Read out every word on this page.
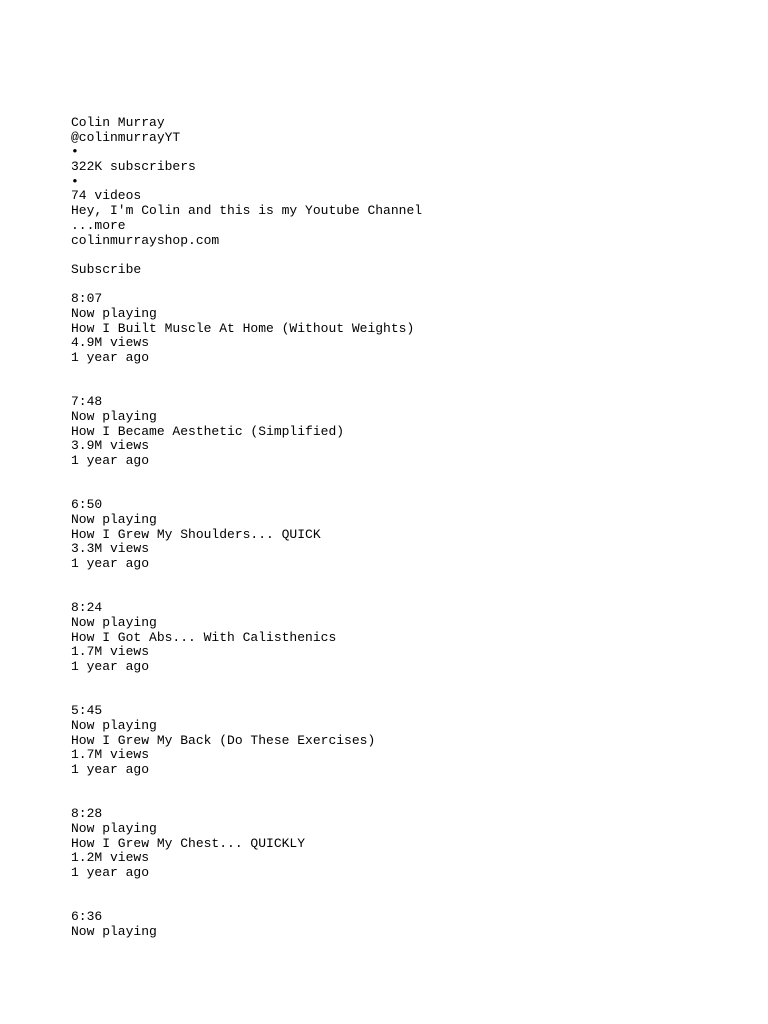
Colin Murray
@colinmurrayYT
•
322K subscribers
•
74 videos
Hey, I'm Colin and this is my Youtube Channel
...more
colinmurrayshop.com
Subscribe
8:07
Now playing
How I Built Muscle At Home (Without Weights)
4.9M views
1 year ago
7:48
Now playing
How I Became Aesthetic (Simplified)
3.9M views
1 year ago
6:50
Now playing
How I Grew My Shoulders... QUICK
3.3M views
1 year ago
8:24
Now playing
How I Got Abs... With Calisthenics
1.7M views
1 year ago
5:45
Now playing
How I Grew My Back (Do These Exercises)
1.7M views
1 year ago
8:28
Now playing
How I Grew My Chest... QUICKLY
1.2M views
1 year ago
6:36
Now playing
